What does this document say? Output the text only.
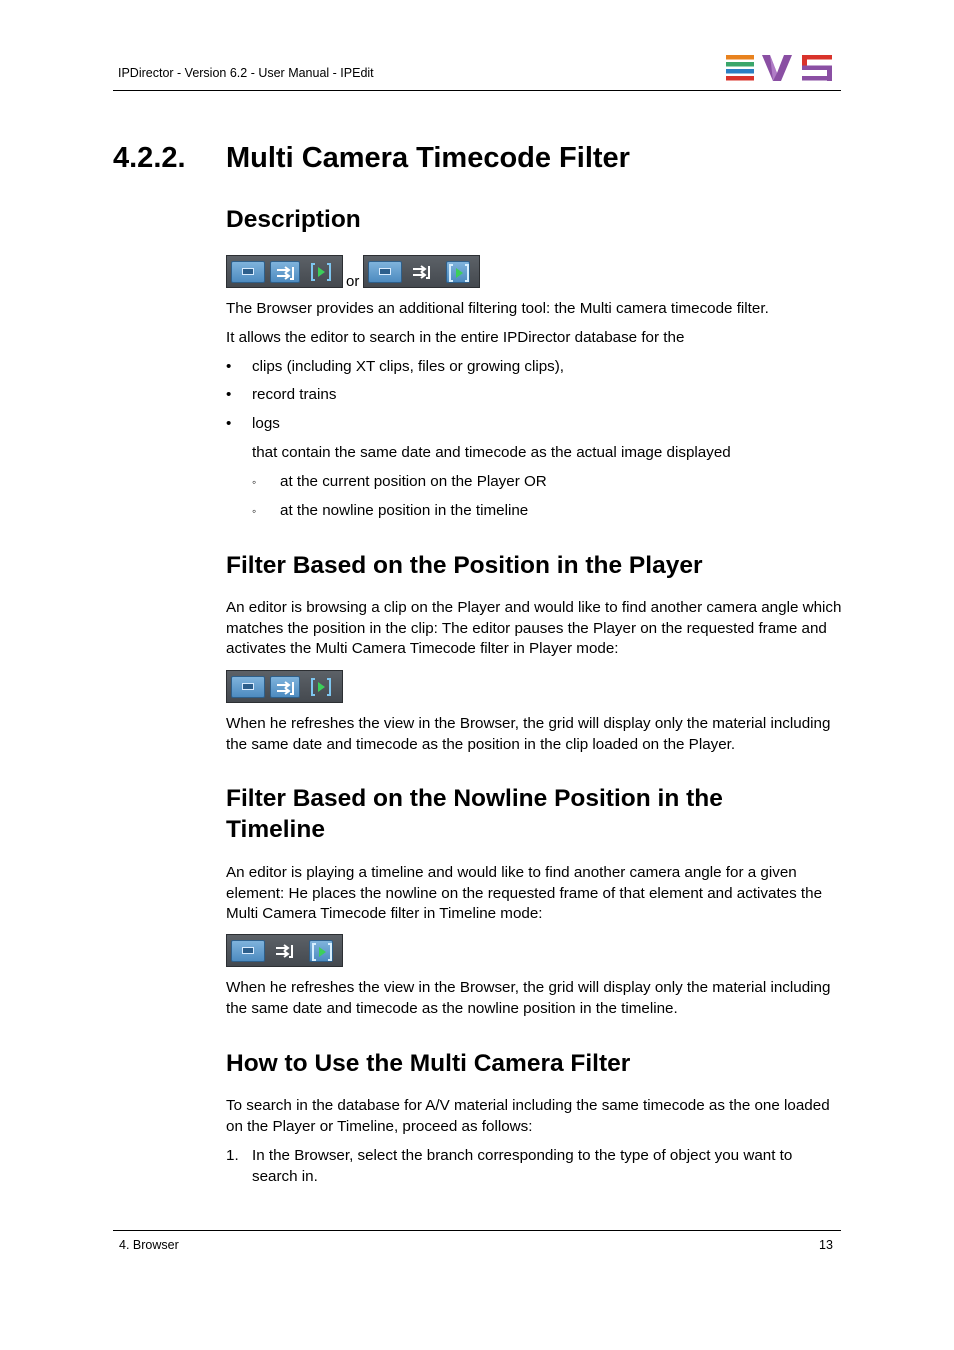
IPDirector - Version 6.2 - User Manual - IPEdit
4.2.2. Multi Camera Timecode Filter
Description
or
The Browser provides an additional filtering tool: the Multi camera timecode filter.
It allows the editor to search in the entire IPDirector database for the
• clips (including XT clips, files or growing clips),
• record trains
• logs
that contain the same date and timecode as the actual image displayed
◦ at the current position on the Player OR
◦ at the nowline position in the timeline
Filter Based on the Position in the Player
An editor is browsing a clip on the Player and would like to find another camera angle which matches the position in the clip: The editor pauses the Player on the requested frame and activates the Multi Camera Timecode filter in Player mode:
When he refreshes the view in the Browser, the grid will display only the material including the same date and timecode as the position in the clip loaded on the Player.
Filter Based on the Nowline Position in the
Timeline
An editor is playing a timeline and would like to find another camera angle for a given element: He places the nowline on the requested frame of that element and activates the Multi Camera Timecode filter in Timeline mode:
When he refreshes the view in the Browser, the grid will display only the material including the same date and timecode as the nowline position in the timeline.
How to Use the Multi Camera Filter
To search in the database for A/V material including the same timecode as the one loaded on the Player or Timeline, proceed as follows:
1. In the Browser, select the branch corresponding to the type of object you want to search in.
4. Browser	13
